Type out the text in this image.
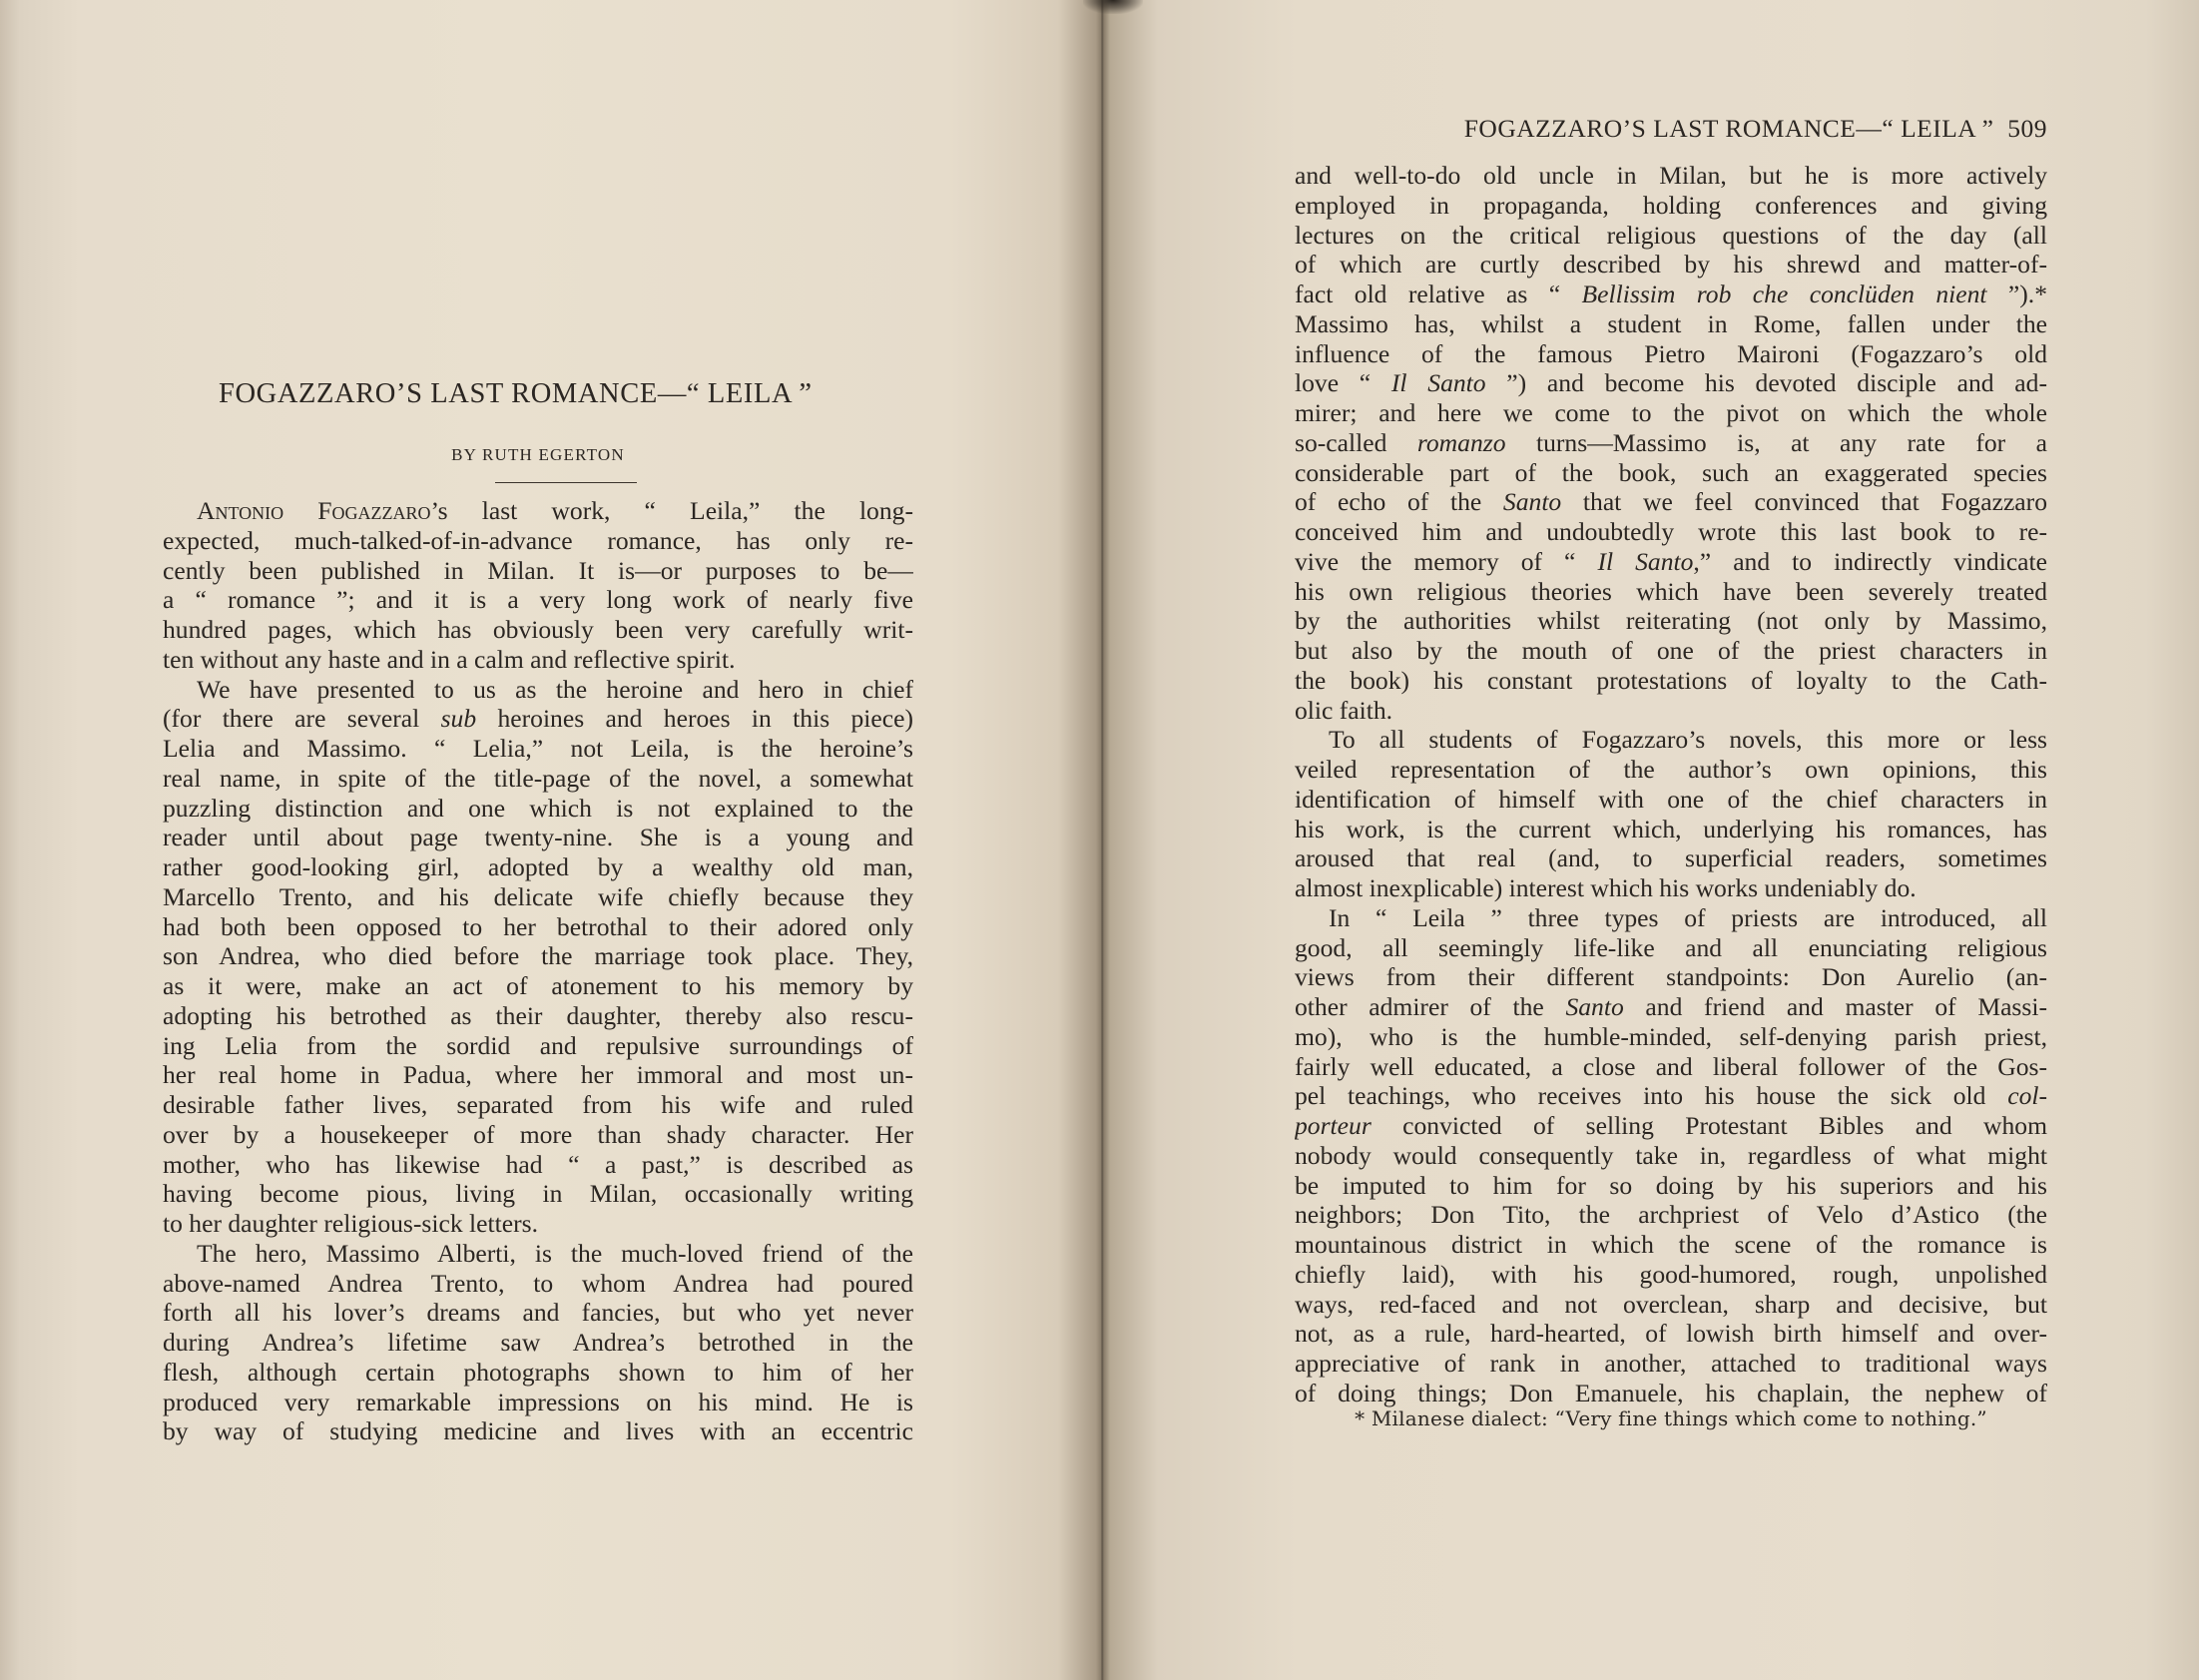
FOGAZZARO’S LAST ROMANCE—“ LEILA ”
BY RUTH EGERTON
Antonio Fogazzaro’s last work, “ Leila,” the long-
expected, much-talked-of-in-advance romance, has only re-
cently been published in Milan. It is—or purposes to be—
a “ romance ”; and it is a very long work of nearly five
hundred pages, which has obviously been very carefully writ-
ten without any haste and in a calm and reflective spirit.
We have presented to us as the heroine and hero in chief
(for there are several sub heroines and heroes in this piece)
Lelia and Massimo. “ Lelia,” not Leila, is the heroine’s
real name, in spite of the title-page of the novel, a somewhat
puzzling distinction and one which is not explained to the
reader until about page twenty-nine. She is a young and
rather good-looking girl, adopted by a wealthy old man,
Marcello Trento, and his delicate wife chiefly because they
had both been opposed to her betrothal to their adored only
son Andrea, who died before the marriage took place. They,
as it were, make an act of atonement to his memory by
adopting his betrothed as their daughter, thereby also rescu-
ing Lelia from the sordid and repulsive surroundings of
her real home in Padua, where her immoral and most un-
desirable father lives, separated from his wife and ruled
over by a housekeeper of more than shady character. Her
mother, who has likewise had “ a past,” is described as
having become pious, living in Milan, occasionally writing
to her daughter religious-sick letters.
The hero, Massimo Alberti, is the much-loved friend of the
above-named Andrea Trento, to whom Andrea had poured
forth all his lover’s dreams and fancies, but who yet never
during Andrea’s lifetime saw Andrea’s betrothed in the
flesh, although certain photographs shown to him of her
produced very remarkable impressions on his mind. He is
by way of studying medicine and lives with an eccentric
FOGAZZARO’S LAST ROMANCE—“ LEILA ” 509
and well-to-do old uncle in Milan, but he is more actively
employed in propaganda, holding conferences and giving
lectures on the critical religious questions of the day (all
of which are curtly described by his shrewd and matter-of-
fact old relative as “ Bellissim rob che conclüden nient ”).*
Massimo has, whilst a student in Rome, fallen under the
influence of the famous Pietro Maironi (Fogazzaro’s old
love “ Il Santo ”) and become his devoted disciple and ad-
mirer; and here we come to the pivot on which the whole
so-called romanzo turns—Massimo is, at any rate for a
considerable part of the book, such an exaggerated species
of echo of the Santo that we feel convinced that Fogazzaro
conceived him and undoubtedly wrote this last book to re-
vive the memory of “ Il Santo,” and to indirectly vindicate
his own religious theories which have been severely treated
by the authorities whilst reiterating (not only by Massimo,
but also by the mouth of one of the priest characters in
the book) his constant protestations of loyalty to the Cath-
olic faith.
To all students of Fogazzaro’s novels, this more or less
veiled representation of the author’s own opinions, this
identification of himself with one of the chief characters in
his work, is the current which, underlying his romances, has
aroused that real (and, to superficial readers, sometimes
almost inexplicable) interest which his works undeniably do.
In “ Leila ” three types of priests are introduced, all
good, all seemingly life-like and all enunciating religious
views from their different standpoints: Don Aurelio (an-
other admirer of the Santo and friend and master of Massi-
mo), who is the humble-minded, self-denying parish priest,
fairly well educated, a close and liberal follower of the Gos-
pel teachings, who receives into his house the sick old col-
porteur convicted of selling Protestant Bibles and whom
nobody would consequently take in, regardless of what might
be imputed to him for so doing by his superiors and his
neighbors; Don Tito, the archpriest of Velo d’Astico (the
mountainous district in which the scene of the romance is
chiefly laid), with his good-humored, rough, unpolished
ways, red-faced and not overclean, sharp and decisive, but
not, as a rule, hard-hearted, of lowish birth himself and over-
appreciative of rank in another, attached to traditional ways
of doing things; Don Emanuele, his chaplain, the nephew of
* Milanese dialect: “Very fine things which come to nothing.”
